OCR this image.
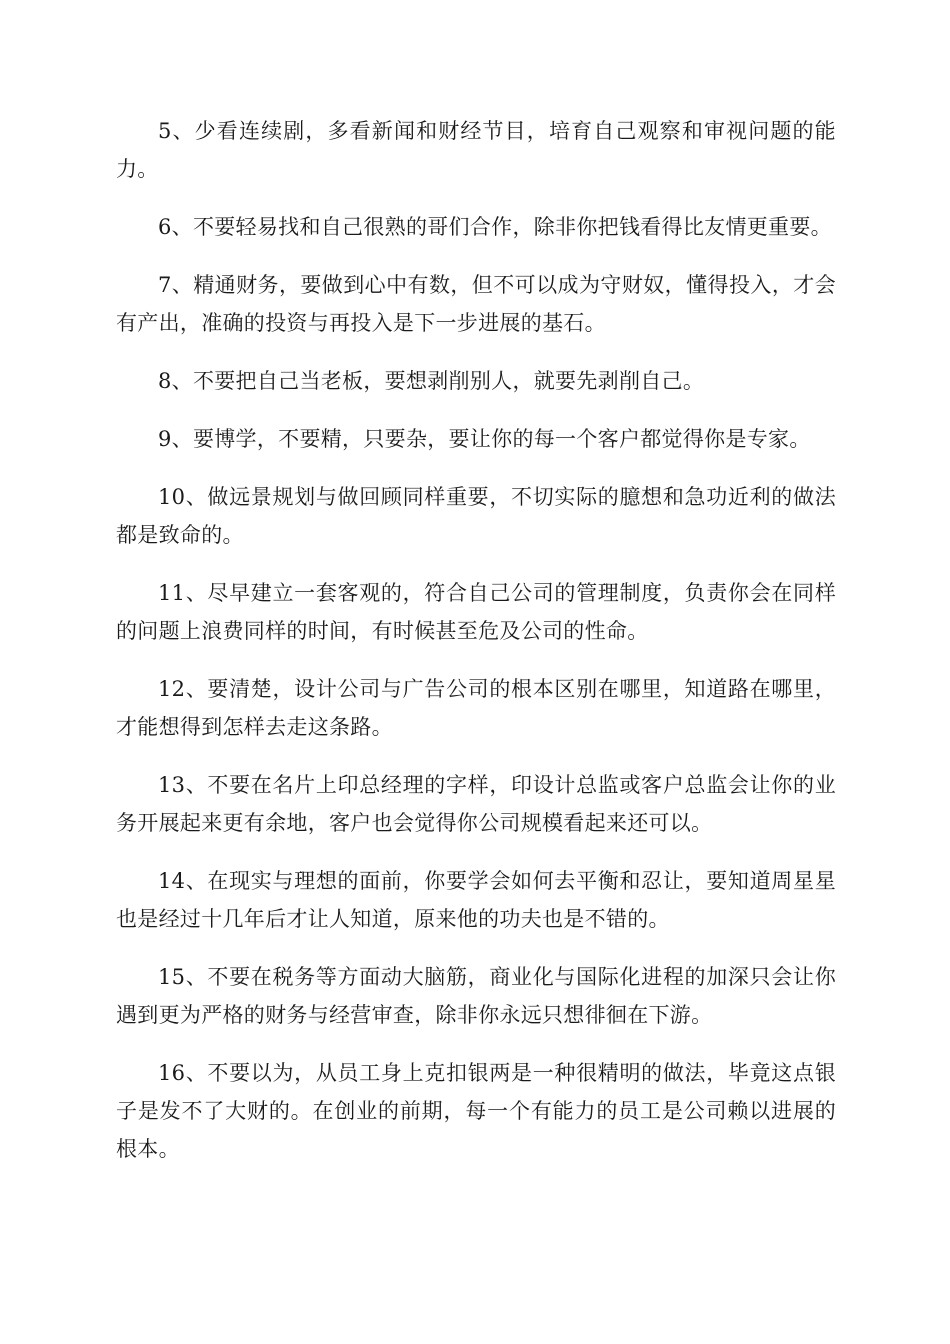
5、少看连续剧，多看新闻和财经节目，培育自己观察和审视问题的能力。

6、不要轻易找和自己很熟的哥们合作，除非你把钱看得比友情更重要。

7、精通财务，要做到心中有数，但不可以成为守财奴，懂得投入，才会有产出，准确的投资与再投入是下一步进展的基石。

8、不要把自己当老板，要想剥削别人，就要先剥削自己。

9、要博学，不要精，只要杂，要让你的每一个客户都觉得你是专家。

10、做远景规划与做回顾同样重要，不切实际的臆想和急功近利的做法都是致命的。

11、尽早建立一套客观的，符合自己公司的管理制度，负责你会在同样的问题上浪费同样的时间，有时候甚至危及公司的性命。

12、要清楚，设计公司与广告公司的根本区别在哪里，知道路在哪里，才能想得到怎样去走这条路。

13、不要在名片上印总经理的字样，印设计总监或客户总监会让你的业务开展起来更有余地，客户也会觉得你公司规模看起来还可以。

14、在现实与理想的面前，你要学会如何去平衡和忍让，要知道周星星也是经过十几年后才让人知道，原来他的功夫也是不错的。

15、不要在税务等方面动大脑筋，商业化与国际化进程的加深只会让你遇到更为严格的财务与经营审查，除非你永远只想徘徊在下游。

16、不要以为，从员工身上克扣银两是一种很精明的做法，毕竟这点银子是发不了大财的。在创业的前期，每一个有能力的员工是公司赖以进展的根本。
